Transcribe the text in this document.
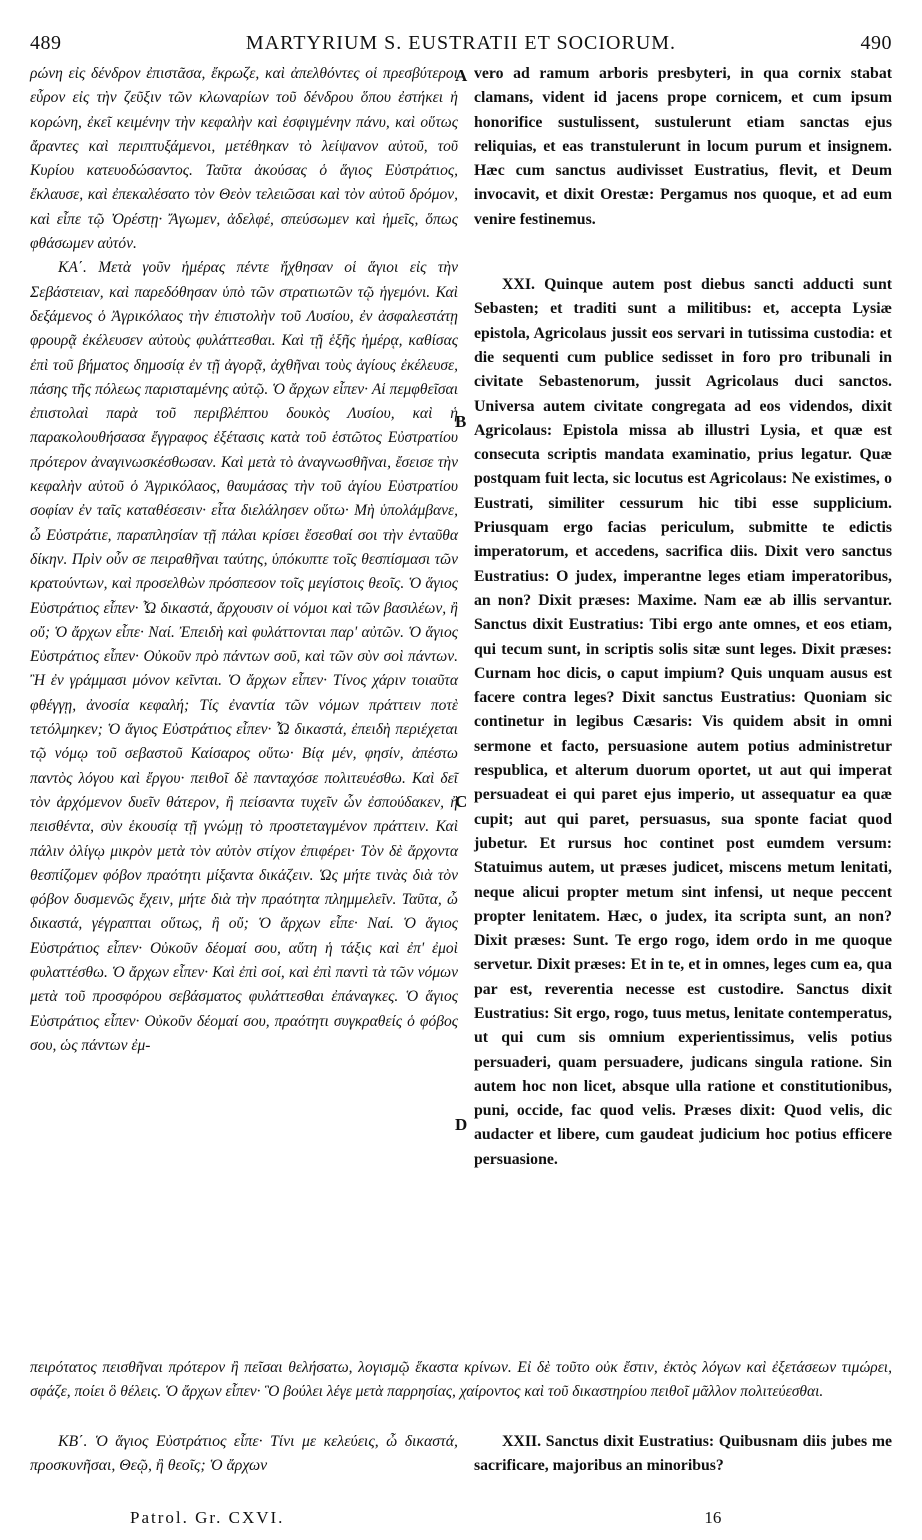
489	MARTYRIUM S. EUSTRATII ET SOCIORUM.	490

ρώνη εἰς δένδρον ἐπιστᾶσα, ἔκρωζε, καὶ ἀπελθόντες οἱ πρεσβύτεροι εὗρον εἰς τὴν ζεῦξιν τῶν κλωναρίων τοῦ δένδρου ὅπου ἐστήκει ἡ κορώνη, ἐκεῖ κειμένην τὴν κεφαλὴν καὶ ἐσφιγμένην πάνυ, καὶ οὕτως ἄραντες καὶ περιπτυξάμενοι, μετέθηκαν τὸ λείψανον αὐτοῦ, τοῦ Κυρίου κατευοδώσαντος. Ταῦτα ἀκούσας ὁ ἅγιος Εὐστράτιος, ἔκλαυσε, καὶ ἐπεκαλέσατο τὸν Θεὸν τελειῶσαι καὶ τὸν αὐτοῦ δρόμον, καὶ εἶπε τῷ Ὀρέστῃ· Ἄγωμεν, ἀδελφέ, σπεύσωμεν καὶ ἡμεῖς, ὅπως φθάσωμεν αὐτόν.

ΚΑ΄. Μετὰ γοῦν ἡμέρας πέντε ἤχθησαν οἱ ἅγιοι εἰς τὴν Σεβάστειαν, καὶ παρεδόθησαν ὑπὸ τῶν στρατιωτῶν τῷ ἡγεμόνι. Καὶ δεξάμενος ὁ Ἀγρικόλαος τὴν ἐπιστολὴν τοῦ Λυσίου, ἐν ἀσφαλεστάτῃ φρουρᾷ ἐκέλευσεν αὐτοὺς φυλάττεσθαι. Καὶ τῇ ἑξῆς ἡμέρᾳ, καθίσας ἐπὶ τοῦ βήματος δημοσίᾳ ἐν τῇ ἀγορᾷ, ἀχθῆναι τοὺς ἁγίους ἐκέλευσε, πάσης τῆς πόλεως παρισταμένης αὐτῷ. Ὁ ἄρχων εἶπεν· Αἱ πεμφθεῖσαι ἐπιστολαὶ παρὰ τοῦ περιβλέπτου δουκὸς Λυσίου, καὶ ἡ παρακολουθήσασα ἔγγραφος ἐξέτασις κατὰ τοῦ ἑστῶτος Εὐστρατίου πρότερον ἀναγινωσκέσθωσαν. Καὶ μετὰ τὸ ἀναγνωσθῆναι, ἔσεισε τὴν κεφαλὴν αὐτοῦ ὁ Ἀγρικόλαος, θαυμάσας τὴν τοῦ ἁγίου Εὐστρατίου σοφίαν ἐν ταῖς καταθέσεσιν· εἶτα διελάλησεν οὕτω· Μὴ ὑπολάμβανε, ὦ Εὐστράτιε, παραπλησίαν τῇ πάλαι κρίσει ἔσεσθαί σοι τὴν ἐνταῦθα δίκην. Πρὶν οὖν σε πειραθῆναι ταύτης, ὑπόκυπτε τοῖς θεσπίσμασι τῶν κρατούντων, καὶ προσελθὼν πρόσπεσον τοῖς μεγίστοις θεοῖς. Ὁ ἅγιος Εὐστράτιος εἶπεν· Ὦ δικαστά, ἄρχουσιν οἱ νόμοι καὶ τῶν βασιλέων, ἢ οὔ; Ὁ ἄρχων εἶπε· Ναί. Ἐπειδὴ καὶ φυλάττονται παρ' αὐτῶν. Ὁ ἅγιος Εὐστράτιος εἶπεν· Οὐκοῦν πρὸ πάντων σοῦ, καὶ τῶν σὺν σοὶ πάντων. Ἢ ἐν γράμμασι μόνον κεῖνται. Ὁ ἄρχων εἶπεν· Τίνος χάριν τοιαῦτα φθέγγῃ, ἀνοσία κεφαλή; Τίς ἐναντία τῶν νόμων πράττειν ποτὲ τετόλμηκεν; Ὁ ἅγιος Εὐστράτιος εἶπεν· Ὦ δικαστά, ἐπειδὴ περιέχεται τῷ νόμῳ τοῦ σεβαστοῦ Καίσαρος οὕτω· Βίᾳ μέν, φησίν, ἀπέστω παντὸς λόγου καὶ ἔργου· πειθοῖ δὲ πανταχόσε πολιτευέσθω. Καὶ δεῖ τὸν ἀρχόμενον δυεῖν θάτερον, ἢ πείσαντα τυχεῖν ὧν ἐσπούδακεν, ἢ πεισθέντα, σὺν ἑκουσίᾳ τῇ γνώμῃ τὸ προστεταγμένον πράττειν. Καὶ πάλιν ὀλίγῳ μικρὸν μετὰ τὸν αὐτὸν στίχον ἐπιφέρει· Τὸν δὲ ἄρχοντα θεσπίζομεν φόβον πραότητι μίξαντα δικάζειν. Ὡς μήτε τινὰς διὰ τὸν φόβον δυσμενῶς ἔχειν, μήτε διὰ τὴν πραότητα πλημμελεῖν. Ταῦτα, ὦ δικαστά, γέγραπται οὕτως, ἢ οὔ; Ὁ ἄρχων εἶπε· Ναί. Ὁ ἅγιος Εὐστράτιος εἶπεν· Οὐκοῦν δέομαί σου, αὕτη ἡ τάξις καὶ ἐπ' ἐμοὶ φυλαττέσθω. Ὁ ἄρχων εἶπεν· Καὶ ἐπὶ σοί, καὶ ἐπὶ παντὶ τὰ τῶν νόμων μετὰ τοῦ προσφόρου σεβάσματος φυλάττεσθαι ἐπάναγκες. Ὁ ἅγιος Εὐστράτιος εἶπεν· Οὐκοῦν δέομαί σου, πραότητι συγκραθείς ὁ φόβος σου, ὡς πάντων ἐμ-

vero ad ramum arboris presbyteri, in qua cornix stabat clamans, vident id jacens prope cornicem, et cum ipsum honorifice sustulissent, sustulerunt etiam sanctas ejus reliquias, et eas transtulerunt in locum purum et insignem. Hæc cum sanctus audivisset Eustratius, flevit, et Deum invocavit, et dixit Orestæ: Pergamus nos quoque, et ad eum venire festinemus.

XXI. Quinque autem post diebus sancti adducti sunt Sebasten; et traditi sunt a militibus: et, accepta Lysiæ epistola, Agricolaus jussit eos servari in tutissima custodia: et die sequenti cum publice sedisset in foro pro tribunali in civitate Sebastenorum, jussit Agricolaus duci sanctos. Universa autem civitate congregata ad eos videndos, dixit Agricolaus: Epistola missa ab illustri Lysia, et quæ est consecuta scriptis mandata examinatio, prius legatur. Quæ postquam fuit lecta, sic locutus est Agricolaus: Ne existimes, o Eustrati, similiter cessurum hic tibi esse supplicium. Priusquam ergo facias periculum, submitte te edictis imperatorum, et accedens, sacrifica diis. Dixit vero sanctus Eustratius: O judex, imperantne leges etiam imperatoribus, an non? Dixit præses: Maxime. Nam eæ ab illis servantur. Sanctus dixit Eustratius: Tibi ergo ante omnes, et eos etiam, qui tecum sunt, in scriptis solis sitæ sunt leges. Dixit præses: Curnam hoc dicis, o caput impium? Quis unquam ausus est facere contra leges? Dixit sanctus Eustratius: Quoniam sic continetur in legibus Cæsaris: Vis quidem absit in omni sermone et facto, persuasione autem potius administretur respublica, et alterum duorum oportet, ut aut qui imperat persuadeat ei qui paret ejus imperio, ut assequatur ea quæ cupit; aut qui paret, persuasus, sua sponte faciat quod jubetur. Et rursus hoc continet post eumdem versum: Statuimus autem, ut præses judicet, miscens metum lenitati, neque alicui propter metum sint infensi, ut neque peccent propter lenitatem. Hæc, o judex, ita scripta sunt, an non? Dixit præses: Sunt. Te ergo rogo, idem ordo in me quoque servetur. Dixit præses: Et in te, et in omnes, leges cum ea, qua par est, reverentia necesse est custodire. Sanctus dixit Eustratius: Sit ergo, rogo, tuus metus, lenitate contemperatus, ut qui cum sis omnium experientissimus, velis potius persuaderi, quam persuadere, judicans singula ratione. Sin autem hoc non licet, absque ulla ratione et constitutionibus, puni, occide, fac quod velis. Præses dixit: Quod velis, dic audacter et libere, cum gaudeat judicium hoc potius efficere persuasione.

A
B
C
D
πειρότατος πεισθῆναι πρότερον ἢ πεῖσαι θελήσατω, λογισμῷ ἕκαστα κρίνων. Εἰ δὲ τοῦτο οὐκ ἔστιν, ἐκτὸς λόγων καὶ ἐξετάσεων τιμώρει, σφάζε, ποίει ὃ θέλεις. Ὁ ἄρχων εἶπεν· Ὃ βούλει λέγε μετὰ παρρησίας, χαίροντος καὶ τοῦ δικαστηρίου πειθοῖ μᾶλλον πολιτεύεσθαι.
ΚΒ΄. Ὁ ἅγιος Εὐστράτιος εἶπε· Τίνι με κελεύεις, ὦ δικαστά, προσκυνῆσαι, Θεῷ, ἢ θεοῖς; Ὁ ἄρχων
XXII. Sanctus dixit Eustratius: Quibusnam diis jubes me sacrificare, majoribus an minoribus?
Patrol. Gr. CXVI.	16
